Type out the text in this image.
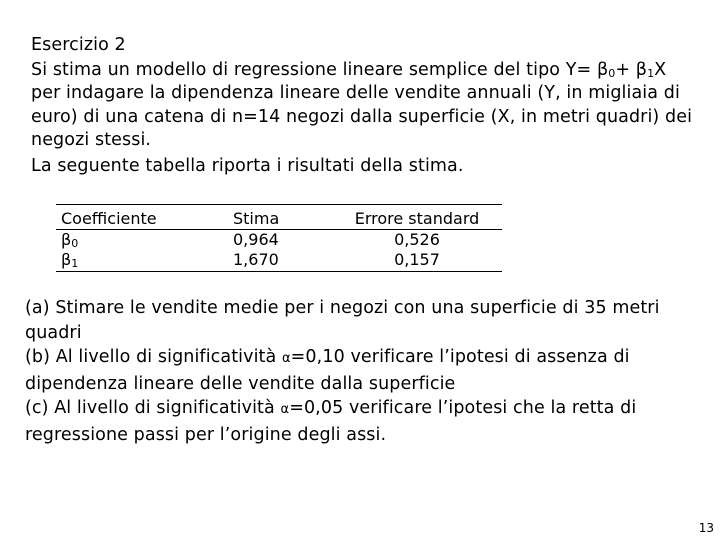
Esercizio 2

Si stima un modello di regressione lineare semplice del tipo $Y= \beta_0+ \beta_1X$ per indagare la dipendenza lineare delle vendite annuali (Y, in migliaia di euro) di una catena di n=14 negozi dalla superficie (X, in metri quadri) dei negozi stessi.

La seguente tabella riporta i risultati della stima.

Coefficiente	Stima	Errore standard
$\beta_0$	0,964	0,526
$\beta_1$	1,670	0,157

(a) Stimare le vendite medie per i negozi con una superficie di 35 metri quadri

(b) Al livello di significatività α=0,10 verificare l’ipotesi di assenza di dipendenza lineare delle vendite dalla superficie

(c) Al livello di significatività α=0,05 verificare l’ipotesi che la retta di regressione passi per l’origine degli assi.

13
